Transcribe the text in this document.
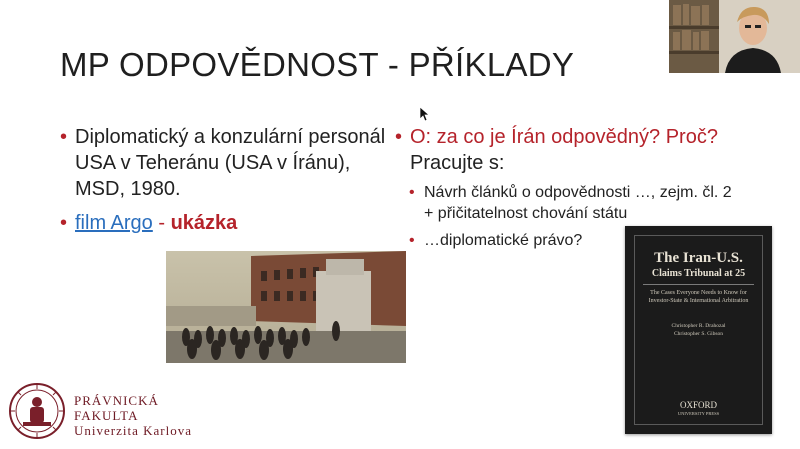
MP ODPOVĚDNOST - PŘÍKLADY
• Diplomatický a konzulární personál USA v Teheránu (USA v Íránu), MSD, 1980.
• film Argo - ukázka
• O: za co je Írán odpovědný? Proč?
Pracujte s:
• Návrh článků o odpovědnosti …, zejm. čl. 2 + přičitatelnost chování státu
• …diplomatické právo?
The Iran-U.S.
Claims Tribunal at 25
The Cases Everyone Needs to Know for Investor-State & International Arbitration
Christopher R. Drahozal
Christopher S. Gibson
OXFORD
UNIVERSITY PRESS
PRÁVNICKÁ
FAKULTA
Univerzita Karlova
